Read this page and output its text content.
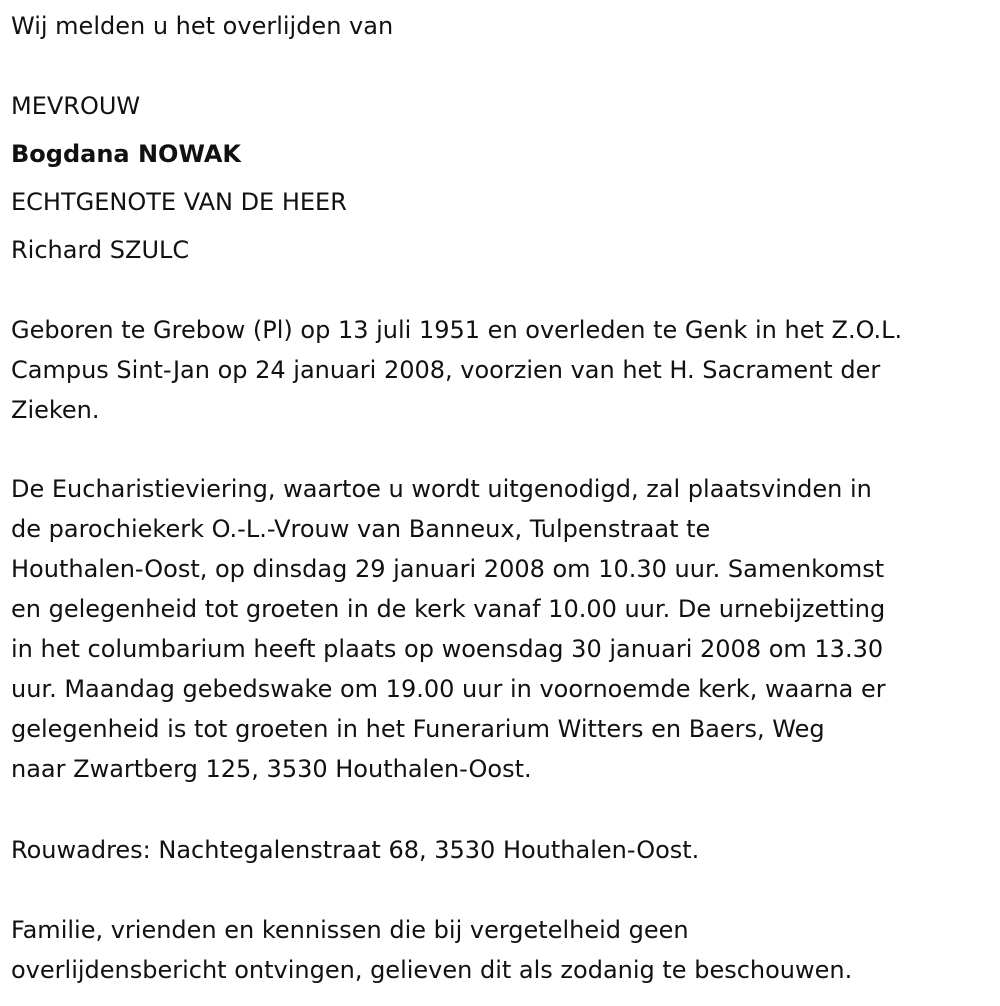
Wij melden u het overlijden van
MEVROUW
Bogdana NOWAK
ECHTGENOTE VAN DE HEER
Richard SZULC
Geboren te Grebow (Pl) op 13 juli 1951 en overleden te Genk in het Z.O.L.
Campus Sint-Jan op 24 januari 2008, voorzien van het H. Sacrament der
Zieken.
De Eucharistieviering, waartoe u wordt uitgenodigd, zal plaatsvinden in
de parochiekerk O.-L.-Vrouw van Banneux, Tulpenstraat te
Houthalen-Oost, op dinsdag 29 januari 2008 om 10.30 uur. Samenkomst
en gelegenheid tot groeten in de kerk vanaf 10.00 uur. De urnebijzetting
in het columbarium heeft plaats op woensdag 30 januari 2008 om 13.30
uur. Maandag gebedswake om 19.00 uur in voornoemde kerk, waarna er
gelegenheid is tot groeten in het Funerarium Witters en Baers, Weg
naar Zwartberg 125, 3530 Houthalen-Oost.
Rouwadres: Nachtegalenstraat 68, 3530 Houthalen-Oost.
Familie, vrienden en kennissen die bij vergetelheid geen
overlijdensbericht ontvingen, gelieven dit als zodanig te beschouwen.
